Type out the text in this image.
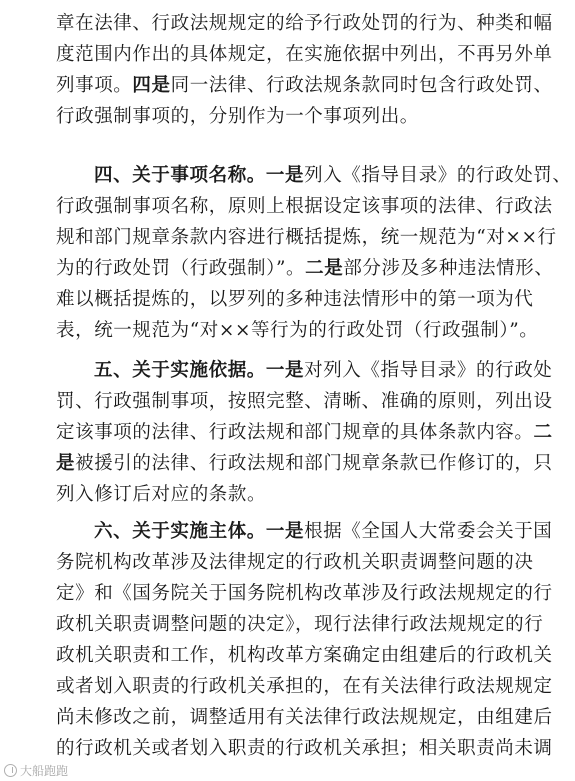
章在法律、行政法规规定的给予行政处罚的行为、种类和幅
度范围内作出的具体规定，在实施依据中列出，不再另外单
列事项。四是同一法律、行政法规条款同时包含行政处罚、
行政强制事项的，分别作为一个事项列出。

四、关于事项名称。一是列入《指导目录》的行政处罚、
行政强制事项名称，原则上根据设定该事项的法律、行政法
规和部门规章条款内容进行概括提炼，统一规范为“对××行
为的行政处罚（行政强制）”。二是部分涉及多种违法情形、
难以概括提炼的，以罗列的多种违法情形中的第一项为代
表，统一规范为“对××等行为的行政处罚（行政强制）”。

五、关于实施依据。一是对列入《指导目录》的行政处
罚、行政强制事项，按照完整、清晰、准确的原则，列出设
定该事项的法律、行政法规和部门规章的具体条款内容。二
是被援引的法律、行政法规和部门规章条款已作修订的，只
列入修订后对应的条款。

六、关于实施主体。一是根据《全国人大常委会关于国
务院机构改革涉及法律规定的行政机关职责调整问题的决
定》和《国务院关于国务院机构改革涉及行政法规规定的行
政机关职责调整问题的决定》，现行法律行政法规规定的行
政机关职责和工作，机构改革方案确定由组建后的行政机关
或者划入职责的行政机关承担的，在有关法律行政法规规定
尚未修改之前，调整适用有关法律行政法规规定，由组建后
的行政机关或者划入职责的行政机关承担；相关职责尚未调

大船跑跑
